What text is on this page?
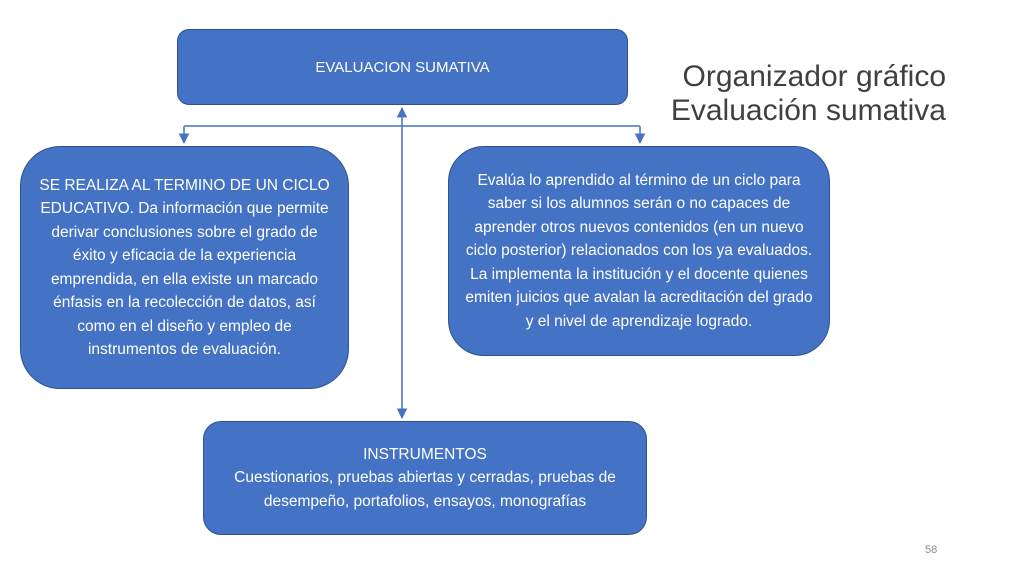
EVALUACION SUMATIVA
SE REALIZA AL TERMINO DE UN CICLO EDUCATIVO. Da información que permite derivar conclusiones sobre el grado de éxito y eficacia de la experiencia emprendida, en ella existe un marcado énfasis en la recolección de datos, así como en el diseño y empleo de instrumentos de evaluación.
Evalúa lo aprendido al término de un ciclo para saber si los alumnos serán o no capaces de aprender otros nuevos contenidos (en un nuevo ciclo posterior) relacionados con los ya evaluados. La implementa la institución y el docente quienes emiten juicios que avalan la acreditación del grado y el nivel de aprendizaje logrado.
INSTRUMENTOS
Cuestionarios, pruebas abiertas y cerradas, pruebas de desempeño, portafolios, ensayos, monografías
Organizador gráfico
Evaluación sumativa
58
